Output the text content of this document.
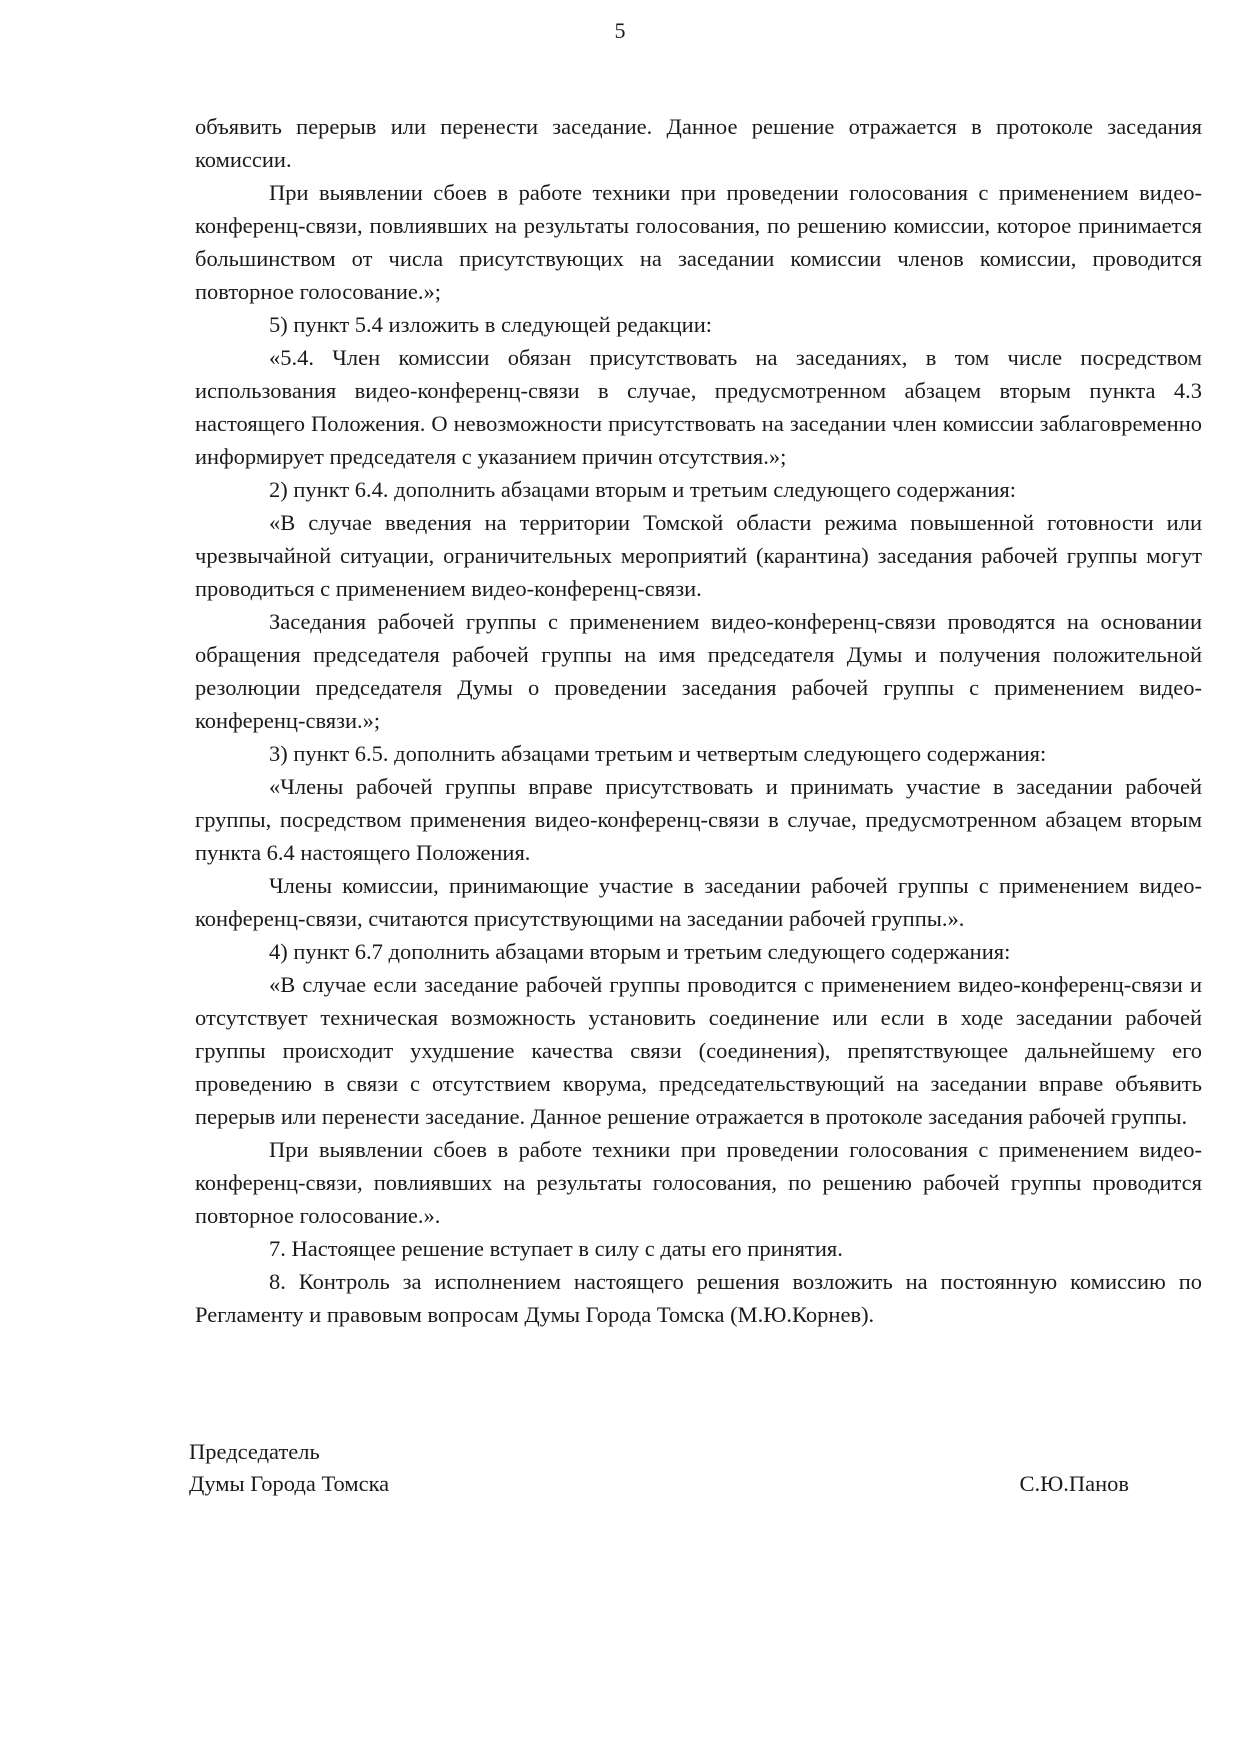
5

объявить перерыв или перенести заседание. Данное решение отражается в протоколе заседания комиссии.

При выявлении сбоев в работе техники при проведении голосования с применением видео-конференц-связи, повлиявших на результаты голосования, по решению комиссии, которое принимается большинством от числа присутствующих на заседании комиссии членов комиссии, проводится повторное голосование.»;

5) пункт 5.4 изложить в следующей редакции:

«5.4. Член комиссии обязан присутствовать на заседаниях, в том числе посредством использования видео-конференц-связи в случае, предусмотренном абзацем вторым пункта 4.3 настоящего Положения. О невозможности присутствовать на заседании член комиссии заблаговременно информирует председателя с указанием причин отсутствия.»;

2) пункт 6.4. дополнить абзацами вторым и третьим следующего содержания:

«В случае введения на территории Томской области режима повышенной готовности или чрезвычайной ситуации, ограничительных мероприятий (карантина) заседания рабочей группы могут проводиться с применением видео-конференц-связи.

Заседания рабочей группы с применением видео-конференц-связи проводятся на основании обращения председателя рабочей группы на имя председателя Думы и получения положительной резолюции председателя Думы о проведении заседания рабочей группы с применением видео-конференц-связи.»;

3) пункт 6.5. дополнить абзацами третьим и четвертым следующего содержания:

«Члены рабочей группы вправе присутствовать и принимать участие в заседании рабочей группы, посредством применения видео-конференц-связи в случае, предусмотренном абзацем вторым пункта 6.4 настоящего Положения.

Члены комиссии, принимающие участие в заседании рабочей группы с применением видео-конференц-связи, считаются присутствующими на заседании рабочей группы.».

4) пункт 6.7 дополнить абзацами вторым и третьим следующего содержания:

«В случае если заседание рабочей группы проводится с применением видео-конференц-связи и отсутствует техническая возможность установить соединение или если в ходе заседании рабочей группы происходит ухудшение качества связи (соединения), препятствующее дальнейшему его проведению в связи с отсутствием кворума, председательствующий на заседании вправе объявить перерыв или перенести заседание. Данное решение отражается в протоколе заседания рабочей группы.

При выявлении сбоев в работе техники при проведении голосования с применением видео-конференц-связи, повлиявших на результаты голосования, по решению рабочей группы проводится повторное голосование.».

7. Настоящее решение вступает в силу с даты его принятия.

8. Контроль за исполнением настоящего решения возложить на постоянную комиссию по Регламенту и правовым вопросам Думы Города Томска (М.Ю.Корнев).

Председатель
Думы Города Томска	С.Ю.Панов
